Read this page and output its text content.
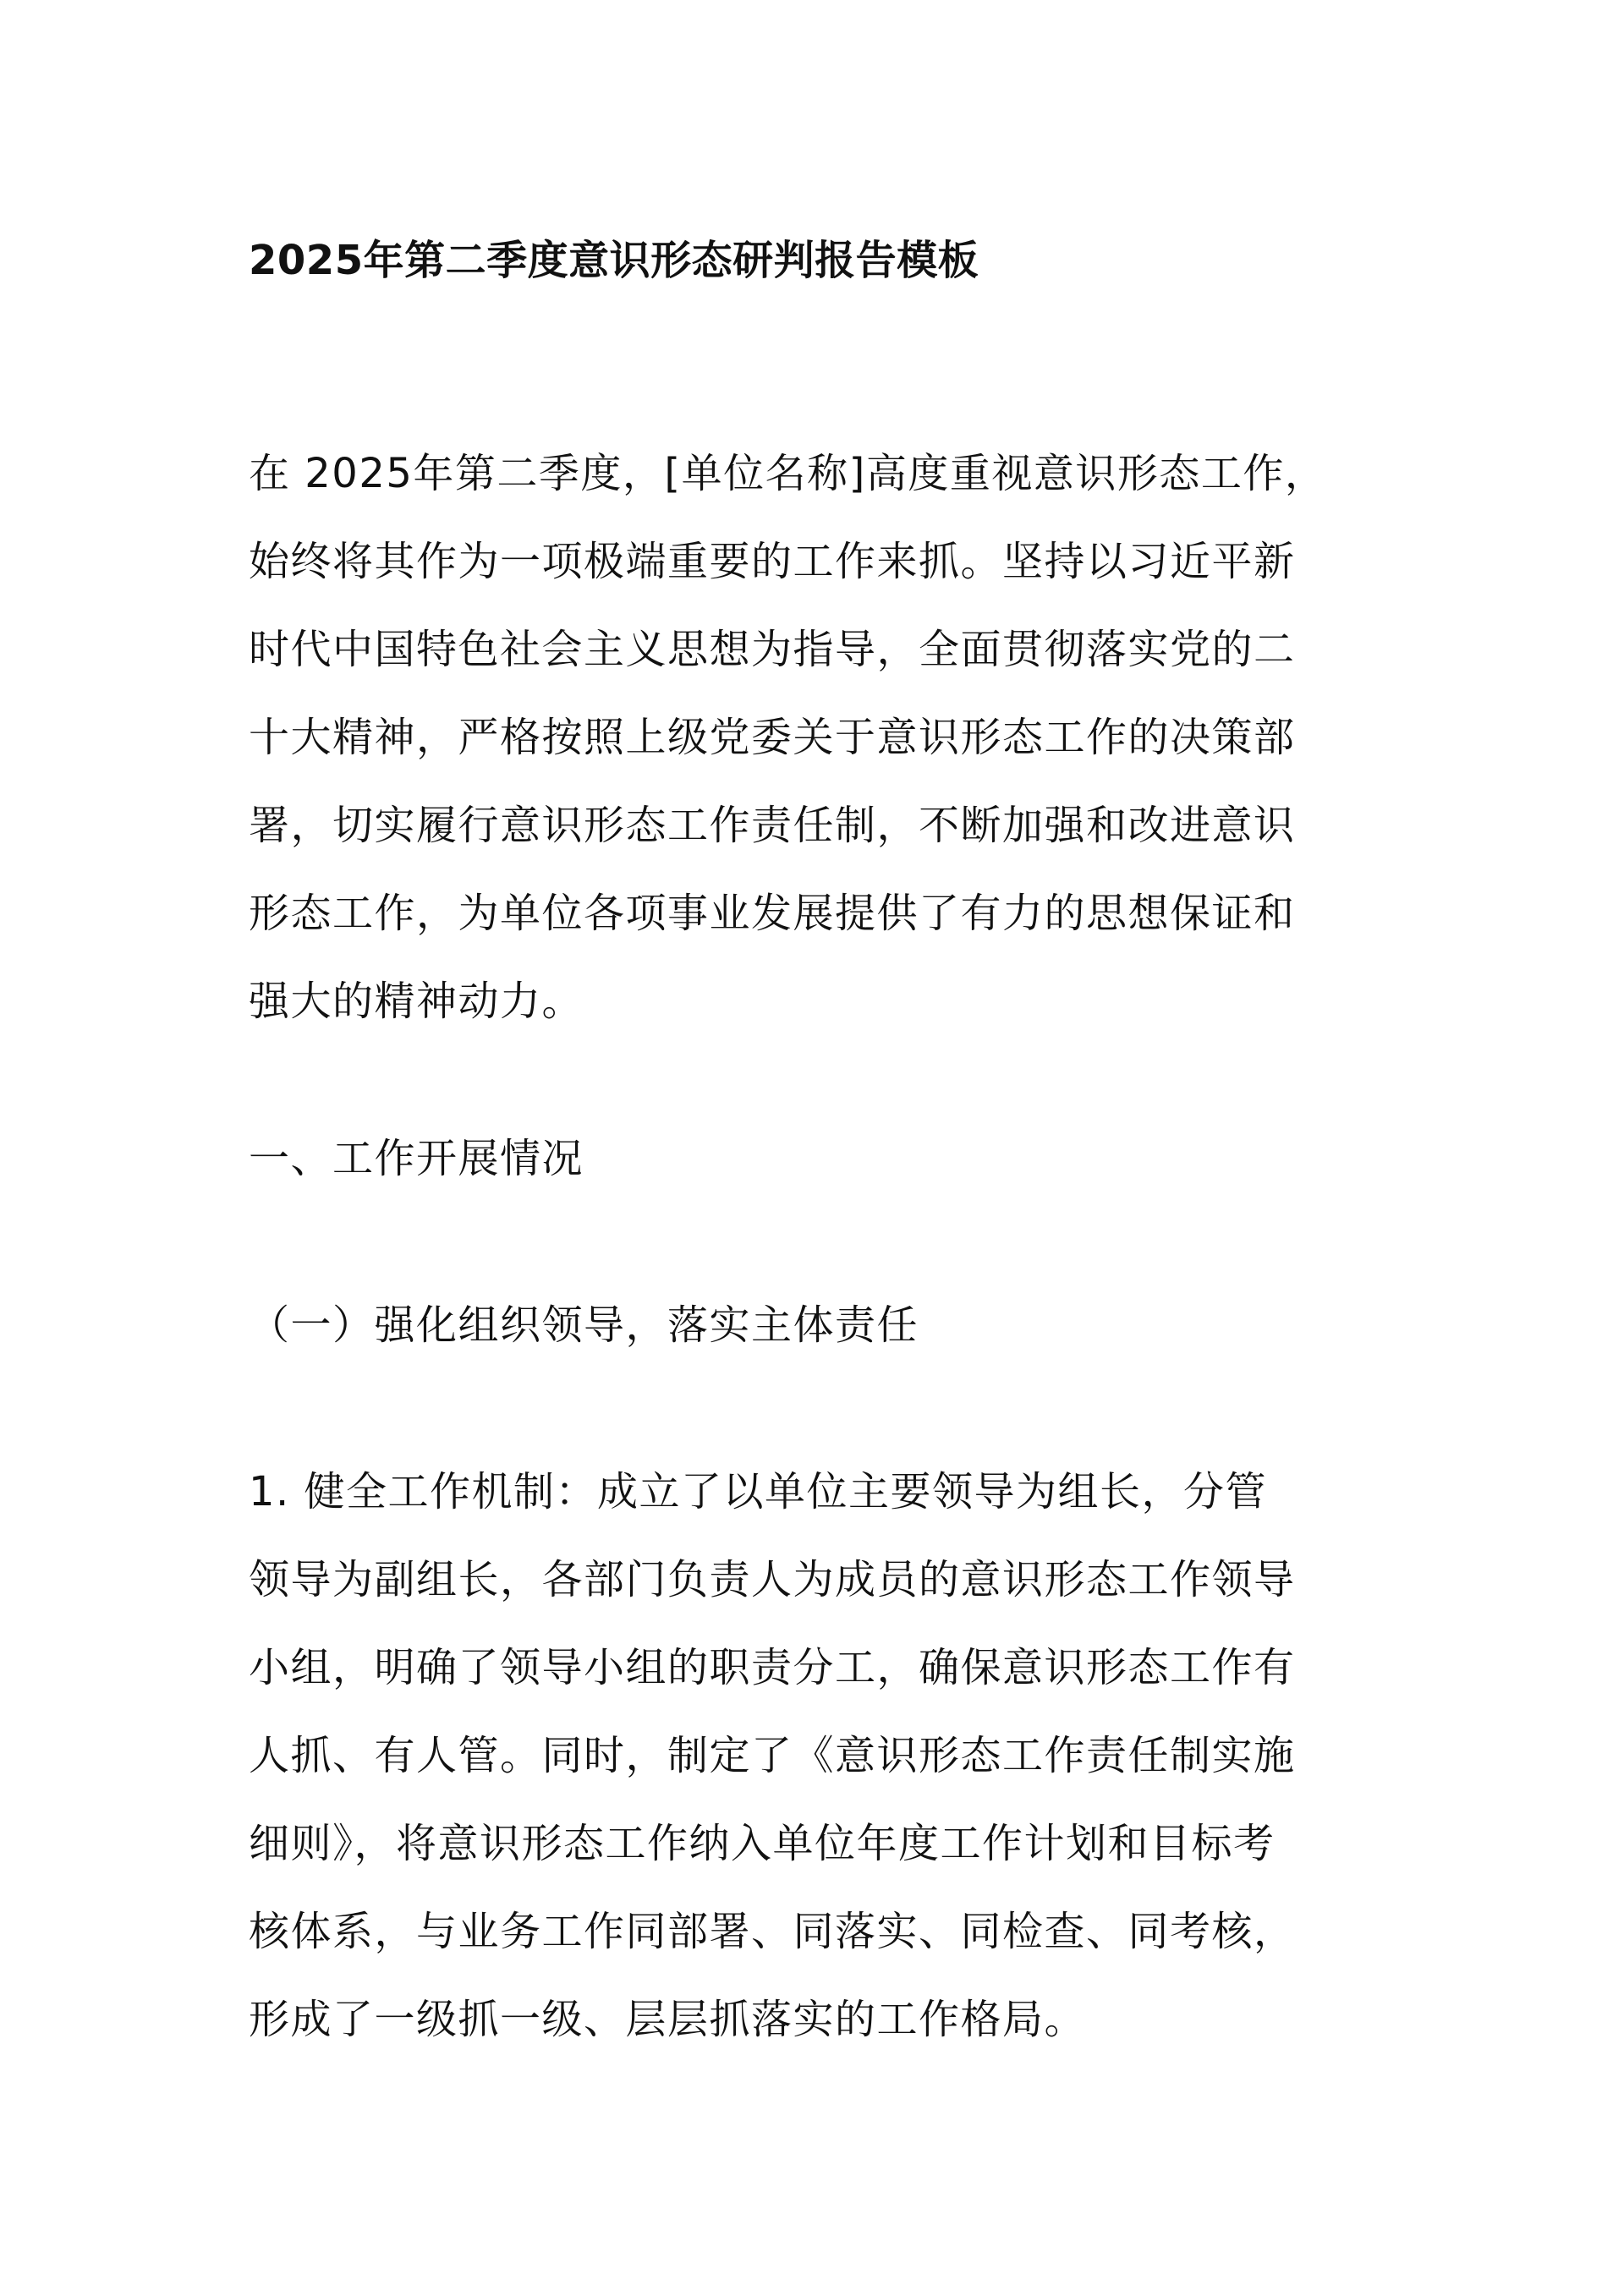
2025年第二季度意识形态研判报告模板
在 2025年第二季度，[单位名称]高度重视意识形态工作，
始终将其作为一项极端重要的工作来抓。坚持以习近平新
时代中国特色社会主义思想为指导，全面贯彻落实党的二
十大精神，严格按照上级党委关于意识形态工作的决策部
署，切实履行意识形态工作责任制，不断加强和改进意识
形态工作，为单位各项事业发展提供了有力的思想保证和
强大的精神动力。
一、工作开展情况
（一）强化组织领导，落实主体责任
1. 健全工作机制：成立了以单位主要领导为组长，分管
领导为副组长，各部门负责人为成员的意识形态工作领导
小组，明确了领导小组的职责分工，确保意识形态工作有
人抓、有人管。同时，制定了《意识形态工作责任制实施
细则》，将意识形态工作纳入单位年度工作计划和目标考
核体系，与业务工作同部署、同落实、同检查、同考核，
形成了一级抓一级、层层抓落实的工作格局。
